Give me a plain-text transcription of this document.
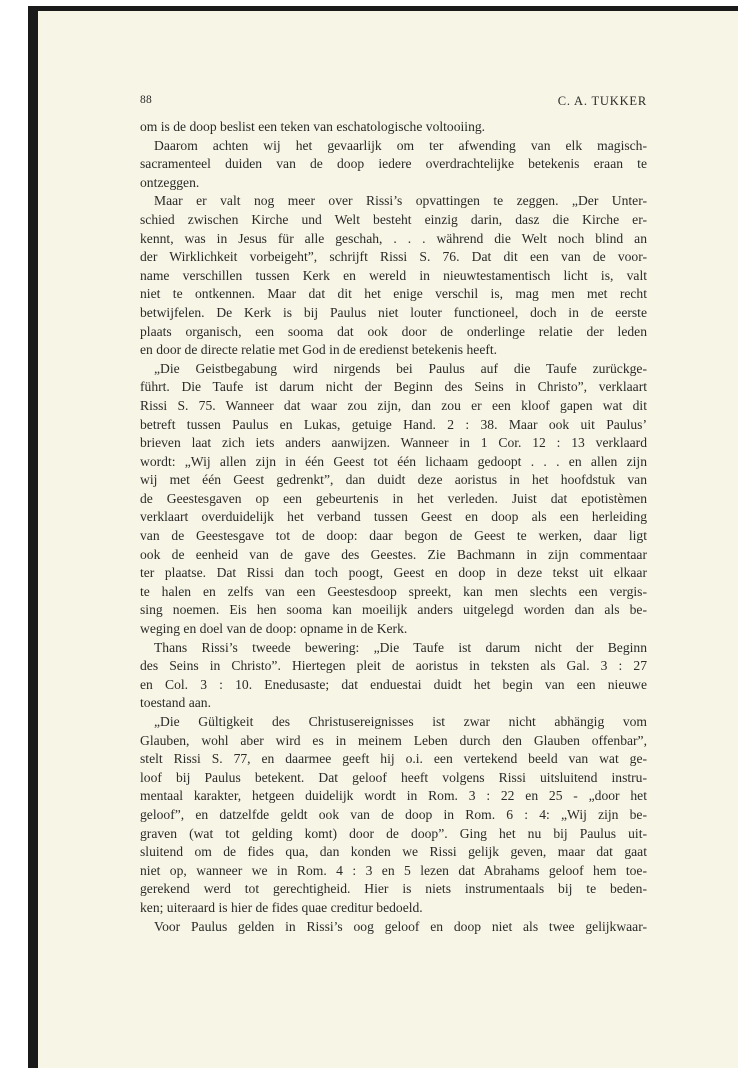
88	C. A. TUKKER

om is de doop beslist een teken van eschatologische voltooiing.

Daarom achten wij het gevaarlijk om ter afwending van elk magisch-

sacramenteel duiden van de doop iedere overdrachtelijke betekenis eraan te

ontzeggen.

Maar er valt nog meer over Rissi’s opvattingen te zeggen. „Der Unter-

schied zwischen Kirche und Welt besteht einzig darin, dasz die Kirche er-

kennt, was in Jesus für alle geschah, . . . während die Welt noch blind an

der Wirklichkeit vorbeigeht”, schrijft Rissi S. 76. Dat dit een van de voor-

name verschillen tussen Kerk en wereld in nieuwtestamentisch licht is, valt

niet te ontkennen. Maar dat dit het enige verschil is, mag men met recht

betwijfelen. De Kerk is bij Paulus niet louter functioneel, doch in de eerste

plaats organisch, een sooma dat ook door de onderlinge relatie der leden

en door de directe relatie met God in de eredienst betekenis heeft.

„Die Geistbegabung wird nirgends bei Paulus auf die Taufe zurückge-

führt. Die Taufe ist darum nicht der Beginn des Seins in Christo”, verklaart

Rissi S. 75. Wanneer dat waar zou zijn, dan zou er een kloof gapen wat dit

betreft tussen Paulus en Lukas, getuige Hand. 2 : 38. Maar ook uit Paulus’

brieven laat zich iets anders aanwijzen. Wanneer in 1 Cor. 12 : 13 verklaard

wordt: „Wij allen zijn in één Geest tot één lichaam gedoopt . . . en allen zijn

wij met één Geest gedrenkt”, dan duidt deze aoristus in het hoofdstuk van

de Geestesgaven op een gebeurtenis in het verleden. Juist dat epotistèmen

verklaart overduidelijk het verband tussen Geest en doop als een herleiding

van de Geestesgave tot de doop: daar begon de Geest te werken, daar ligt

ook de eenheid van de gave des Geestes. Zie Bachmann in zijn commentaar

ter plaatse. Dat Rissi dan toch poogt, Geest en doop in deze tekst uit elkaar

te halen en zelfs van een Geestesdoop spreekt, kan men slechts een vergis-

sing noemen. Eis hen sooma kan moeilijk anders uitgelegd worden dan als be-

weging en doel van de doop: opname in de Kerk.

Thans Rissi’s tweede bewering: „Die Taufe ist darum nicht der Beginn

des Seins in Christo”. Hiertegen pleit de aoristus in teksten als Gal. 3 : 27

en Col. 3 : 10. Enedusaste; dat enduestai duidt het begin van een nieuwe

toestand aan.

„Die Gültigkeit des Christusereignisses ist zwar nicht abhängig vom

Glauben, wohl aber wird es in meinem Leben durch den Glauben offenbar”,

stelt Rissi S. 77, en daarmee geeft hij o.i. een vertekend beeld van wat ge-

loof bij Paulus betekent. Dat geloof heeft volgens Rissi uitsluitend instru-

mentaal karakter, hetgeen duidelijk wordt in Rom. 3 : 22 en 25 - „door het

geloof”, en datzelfde geldt ook van de doop in Rom. 6 : 4: „Wij zijn be-

graven (wat tot gelding komt) door de doop”. Ging het nu bij Paulus uit-

sluitend om de fides qua, dan konden we Rissi gelijk geven, maar dat gaat

niet op, wanneer we in Rom. 4 : 3 en 5 lezen dat Abrahams geloof hem toe-

gerekend werd tot gerechtigheid. Hier is niets instrumentaals bij te beden-

ken; uiteraard is hier de fides quae creditur bedoeld.

Voor Paulus gelden in Rissi’s oog geloof en doop niet als twee gelijkwaar-
